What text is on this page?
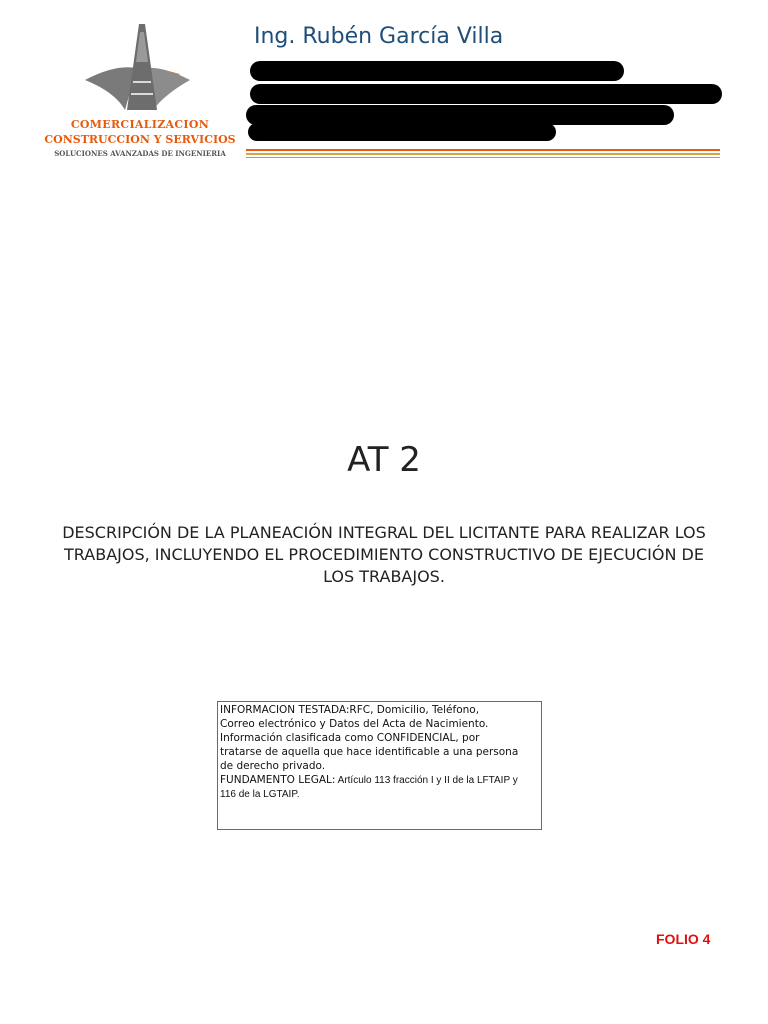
COMERCIALIZACION
CONSTRUCCION Y SERVICIOS
SOLUCIONES AVANZADAS DE INGENIERIA
Ing. Rubén García Villa
AT 2
DESCRIPCIÓN DE LA PLANEACIÓN INTEGRAL DEL LICITANTE PARA REALIZAR LOS
TRABAJOS, INCLUYENDO EL PROCEDIMIENTO CONSTRUCTIVO DE EJECUCIÓN DE
LOS TRABAJOS.
INFORMACION TESTADA:RFC, Domicilio, Teléfono,
Correo electrónico y Datos del Acta de Nacimiento.
Información clasificada como CONFIDENCIAL, por
tratarse de aquella que hace identificable a una persona
de derecho privado.
FUNDAMENTO LEGAL: Artículo 113 fracción I y II de la LFTAIP y
116 de la LGTAIP.
FOLIO 4
